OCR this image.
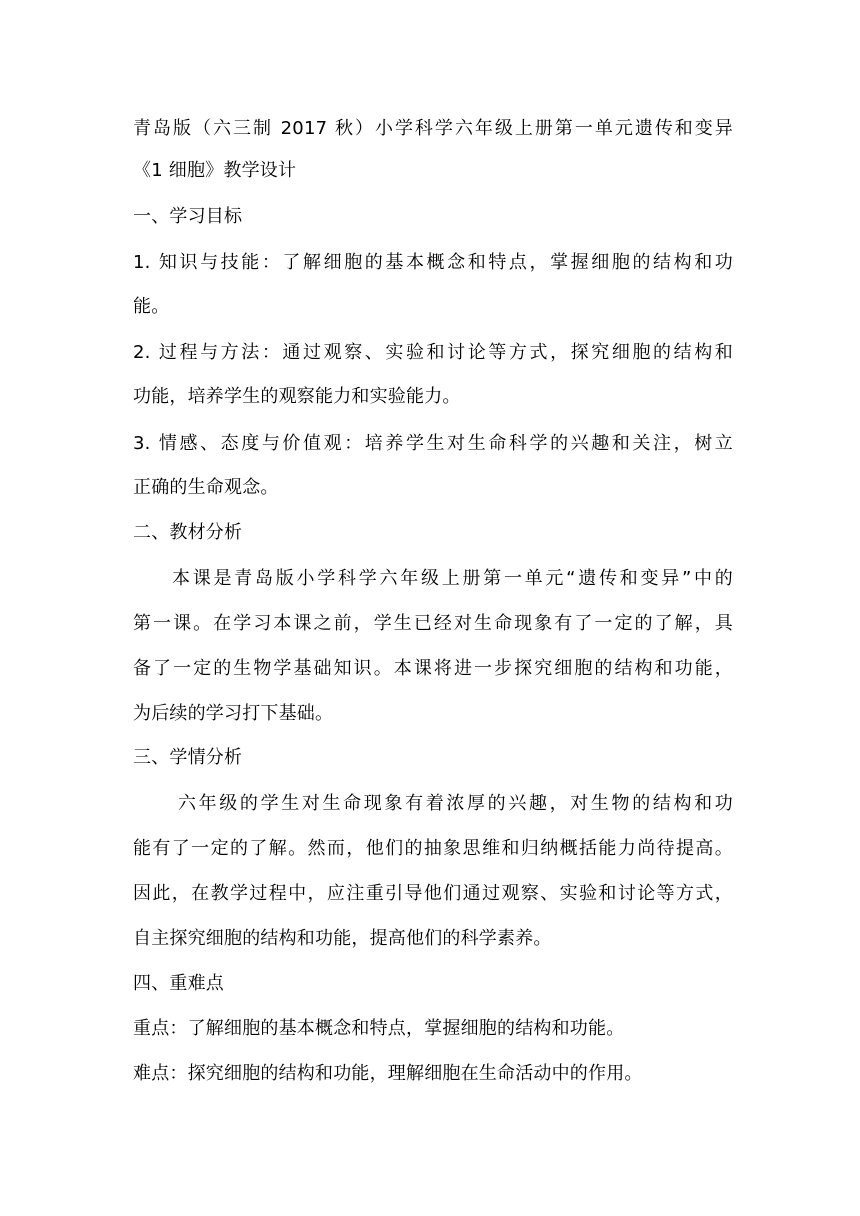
青岛版（六三制 2017 秋）小学科学六年级上册第一单元遗传和变异
《1 细胞》教学设计
一、学习目标
1. 知识与技能：了解细胞的基本概念和特点，掌握细胞的结构和功
能。
2. 过程与方法：通过观察、实验和讨论等方式，探究细胞的结构和
功能，培养学生的观察能力和实验能力。
3. 情感、态度与价值观：培养学生对生命科学的兴趣和关注，树立
正确的生命观念。
二、教材分析
本课是青岛版小学科学六年级上册第一单元“遗传和变异”中的
第一课。在学习本课之前，学生已经对生命现象有了一定的了解，具
备了一定的生物学基础知识。本课将进一步探究细胞的结构和功能，
为后续的学习打下基础。
三、学情分析
六年级的学生对生命现象有着浓厚的兴趣，对生物的结构和功
能有了一定的了解。然而，他们的抽象思维和归纳概括能力尚待提高。
因此，在教学过程中，应注重引导他们通过观察、实验和讨论等方式，
自主探究细胞的结构和功能，提高他们的科学素养。
四、重难点
重点：了解细胞的基本概念和特点，掌握细胞的结构和功能。
难点：探究细胞的结构和功能，理解细胞在生命活动中的作用。
